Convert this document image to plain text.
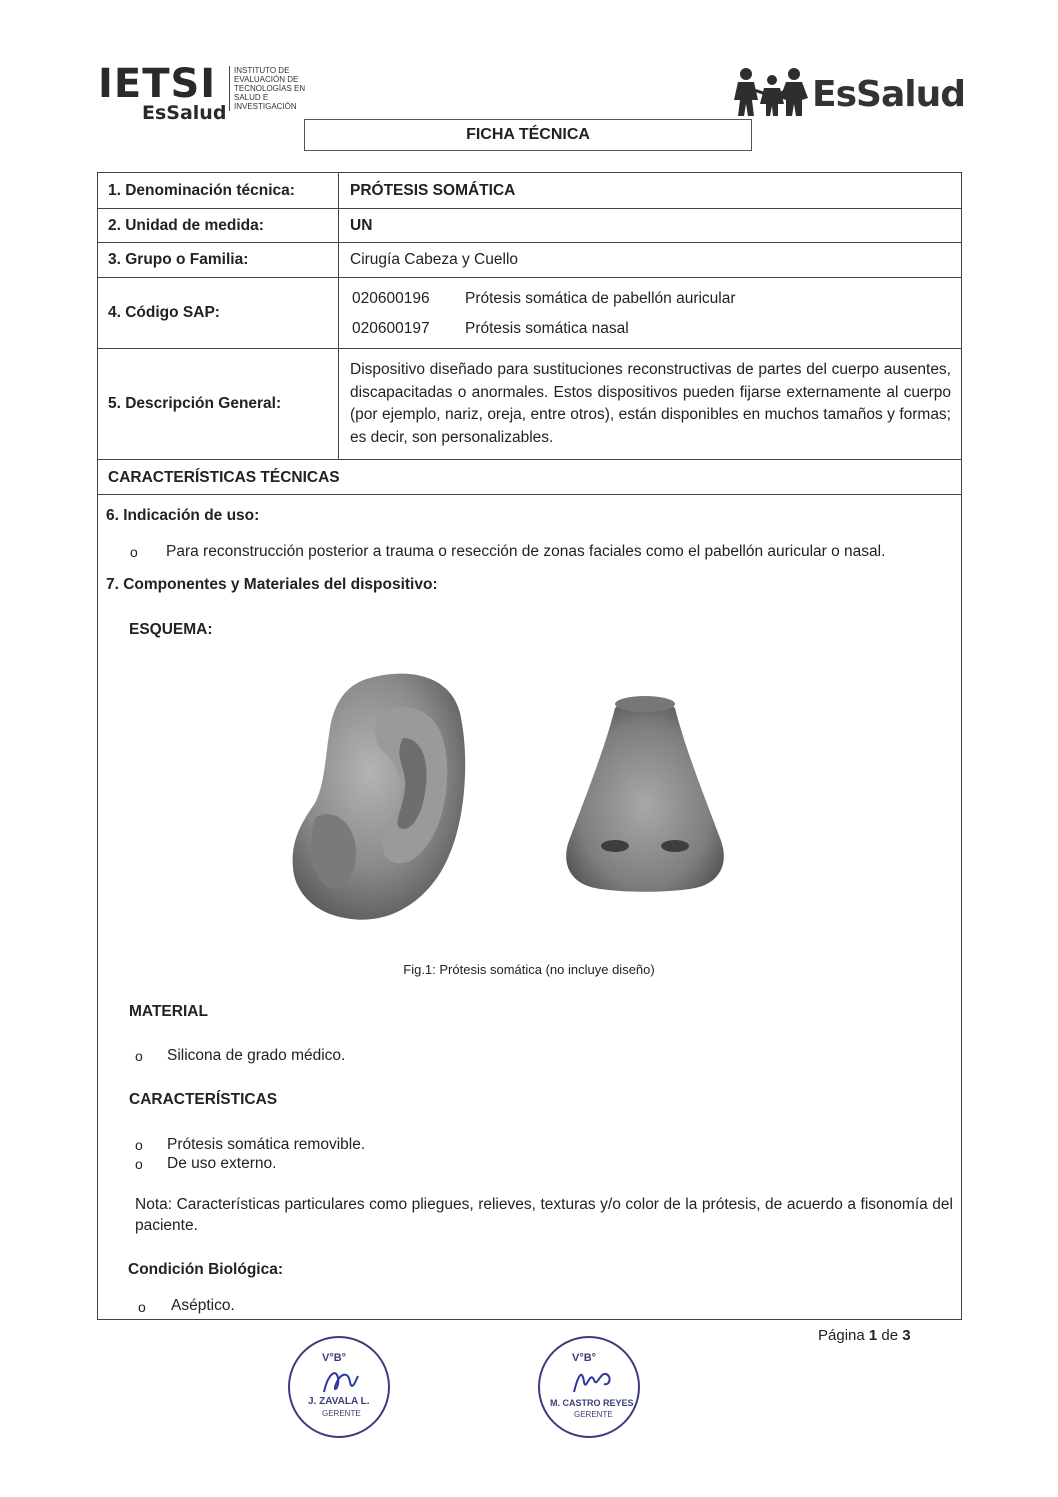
IETSI
EsSalud
INSTITUTO DE
EVALUACIÓN DE
TECNOLOGÍAS EN
SALUD E
INVESTIGACIÓN	EsSalud
FICHA TÉCNICA
1. Denominación técnica:	PRÓTESIS SOMÁTICA
2. Unidad de medida:	UN
3. Grupo o Familia:	Cirugía Cabeza y Cuello
4. Código SAP:
020600196 Prótesis somática de pabellón auricular
020600197 Prótesis somática nasal
5. Descripción General:
Dispositivo diseñado para sustituciones reconstructivas de partes del cuerpo ausentes, discapacitadas o anormales. Estos dispositivos pueden fijarse externamente al cuerpo (por ejemplo, nariz, oreja, entre otros), están disponibles en muchos tamaños y formas; es decir, son personalizables.
CARACTERÍSTICAS TÉCNICAS
6. Indicación de uso:
o Para reconstrucción posterior a trauma o resección de zonas faciales como el pabellón auricular o nasal.
7. Componentes y Materiales del dispositivo:
ESQUEMA:
Fig.1: Prótesis somática (no incluye diseño)
MATERIAL
o Silicona de grado médico.
CARACTERÍSTICAS
o Prótesis somática removible.
o De uso externo.
Nota: Características particulares como pliegues, relieves, texturas y/o color de la prótesis, de acuerdo a fisonomía del paciente.
Condición Biológica:
o Aséptico.
Página 1 de 3
V°B°
J. ZAVALA L.
GERENTE
V°B°
M. CASTRO REYES
GERENTE
